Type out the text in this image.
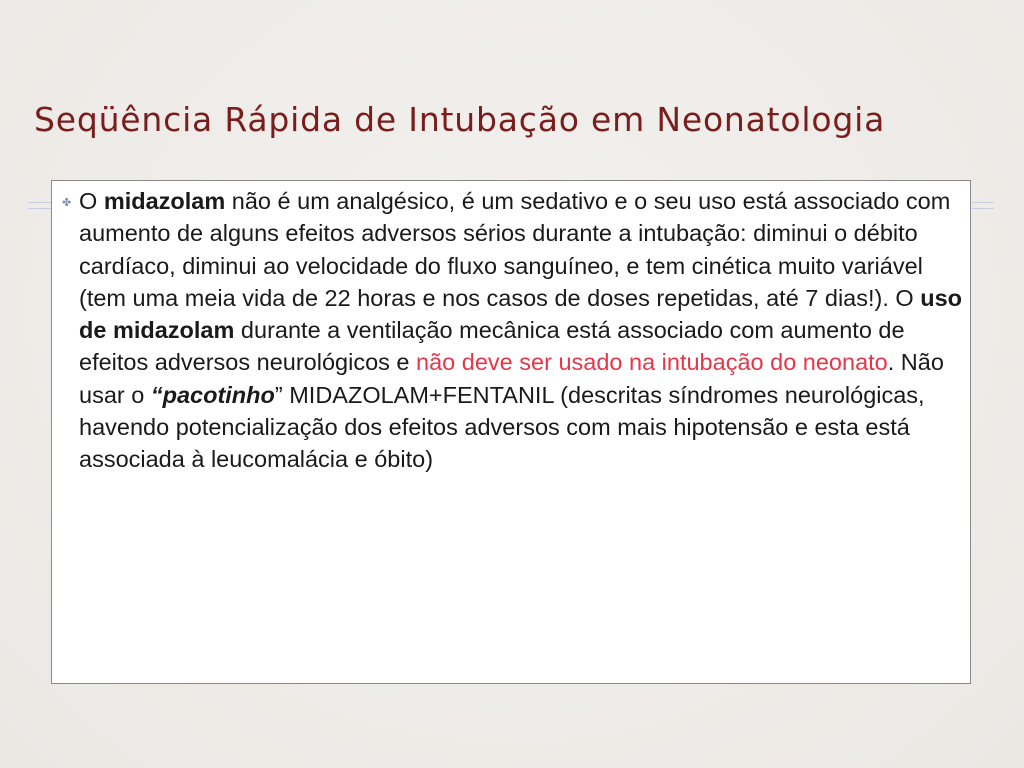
Seqüência Rápida de Intubação em Neonatologia
✤ O midazolam não é um analgésico, é um sedativo e o seu uso está associado com aumento de alguns efeitos adversos sérios durante a intubação: diminui o débito cardíaco, diminui ao velocidade do fluxo sanguíneo, e tem cinética muito variável (tem uma meia vida de 22 horas e nos casos de doses repetidas, até 7 dias!). O uso de midazolam durante a ventilação mecânica está associado com aumento de efeitos adversos neurológicos e não deve ser usado na intubação do neonato. Não usar o “pacotinho” MIDAZOLAM+FENTANIL (descritas síndromes neurológicas, havendo potencialização dos efeitos adversos com mais hipotensão e esta está associada à leucomalácia e óbito)
